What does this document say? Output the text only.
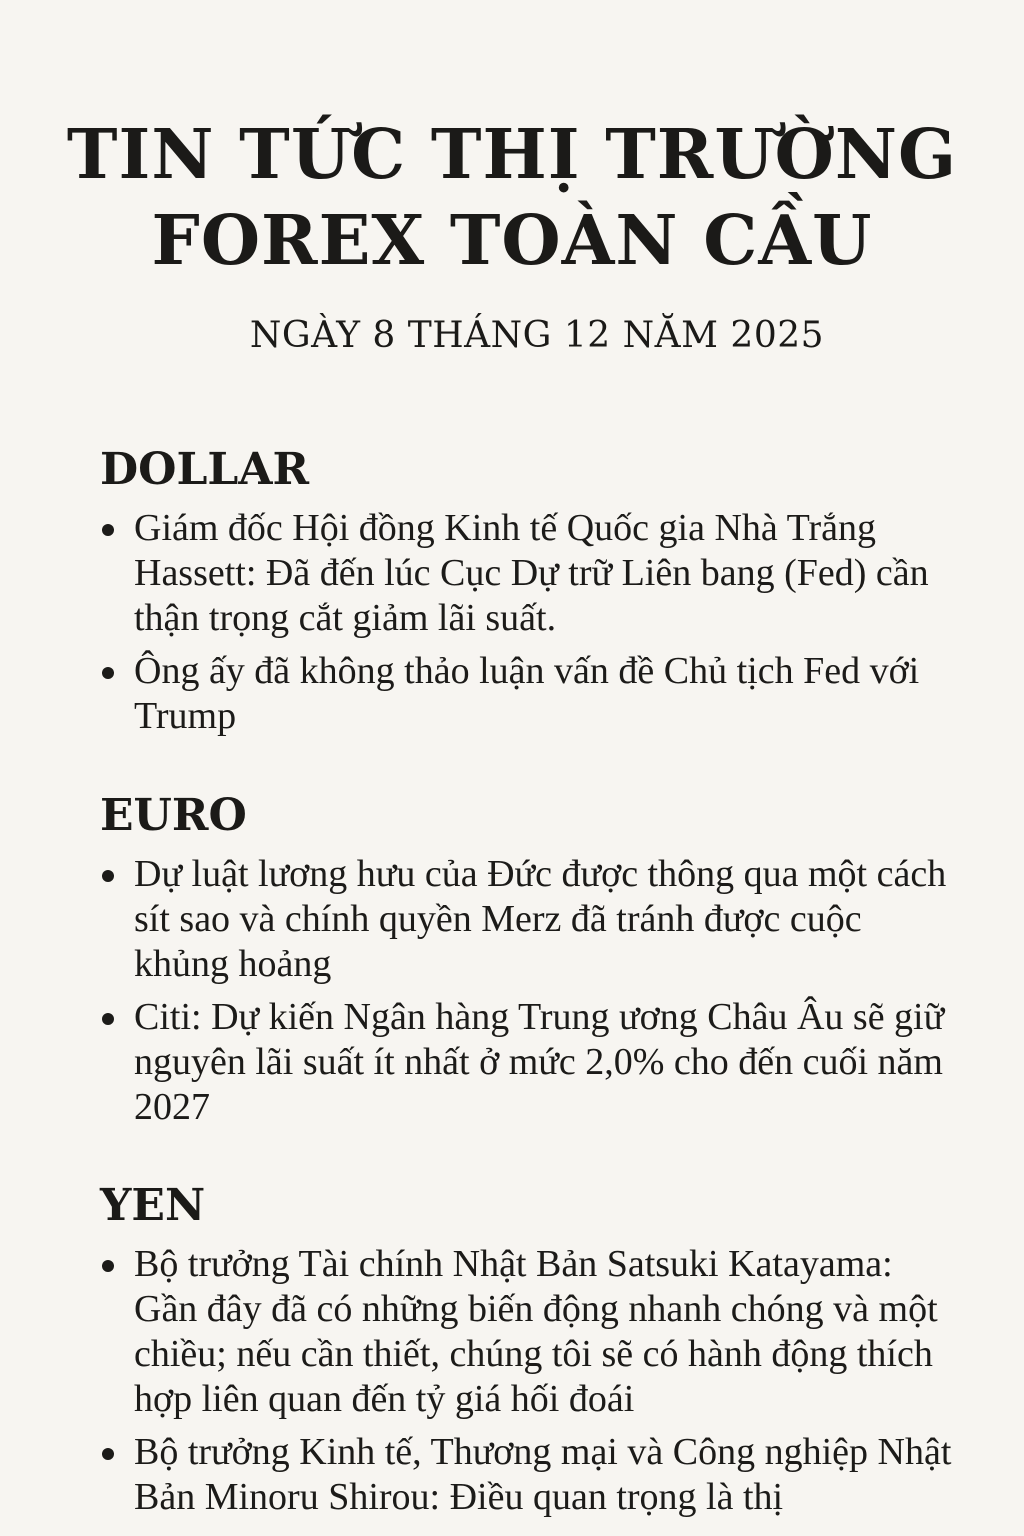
TIN TỨC THỊ TRƯỜNG
FOREX TOÀN CẦU

NGÀY 8 THÁNG 12 NĂM 2025

DOLLAR
Giám đốc Hội đồng Kinh tế Quốc gia Nhà Trắng Hassett: Đã đến lúc Cục Dự trữ Liên bang (Fed) cần thận trọng cắt giảm lãi suất.
Ông ấy đã không thảo luận vấn đề Chủ tịch Fed với Trump
EURO
Dự luật lương hưu của Đức được thông qua một cách sít sao và chính quyền Merz đã tránh được cuộc khủng hoảng
Citi: Dự kiến Ngân hàng Trung ương Châu Âu sẽ giữ nguyên lãi suất ít nhất ở mức 2,0% cho đến cuối năm 2027
YEN
Bộ trưởng Tài chính Nhật Bản Satsuki Katayama: Gần đây đã có những biến động nhanh chóng và một chiều; nếu cần thiết, chúng tôi sẽ có hành động thích hợp liên quan đến tỷ giá hối đoái
Bộ trưởng Kinh tế, Thương mại và Công nghiệp Nhật Bản Minoru Shirou: Điều quan trọng là thị
